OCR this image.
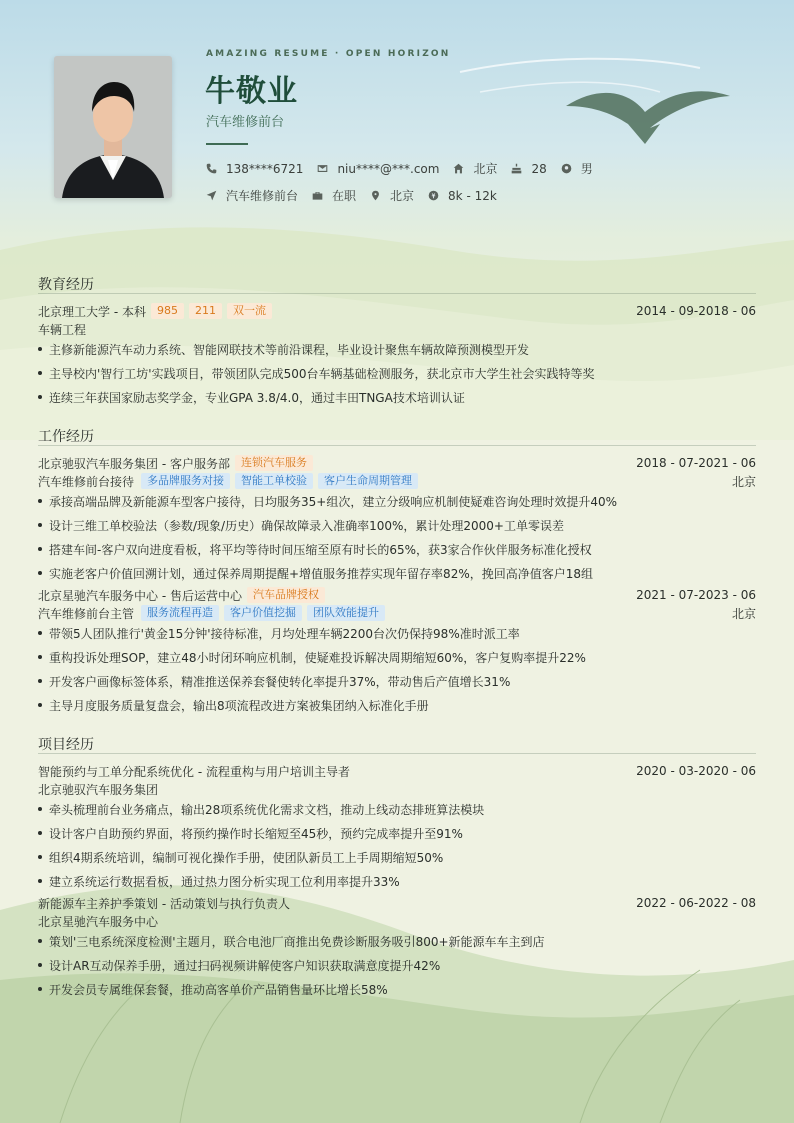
AMAZING RESUME · OPEN HORIZON
牛敬业
汽车维修前台
138****6721	niu****@***.com	北京	28	男
汽车维修前台	在职	北京	8k - 12k
教育经历
北京理工大学 - 本科	985	211	双一流	2014 - 09-2018 - 06
车辆工程
主修新能源汽车动力系统、智能网联技术等前沿课程，毕业设计聚焦车辆故障预测模型开发
主导校内'智行工坊'实践项目，带领团队完成500台车辆基础检测服务，获北京市大学生社会实践特等奖
连续三年获国家励志奖学金，专业GPA 3.8/4.0，通过丰田TNGA技术培训认证
工作经历
北京驰驭汽车服务集团 - 客户服务部	连锁汽车服务	2018 - 07-2021 - 06
汽车维修前台接待	多品牌服务对接	智能工单校验	客户生命周期管理	北京
承接高端品牌及新能源车型客户接待，日均服务35+组次，建立分级响应机制使疑难咨询处理时效提升40%
设计三维工单校验法（参数/现象/历史）确保故障录入准确率100%，累计处理2000+工单零误差
搭建车间-客户双向进度看板，将平均等待时间压缩至原有时长的65%，获3家合作伙伴服务标准化授权
实施老客户价值回溯计划，通过保养周期提醒+增值服务推荐实现年留存率82%，挽回高净值客户18组
北京星驰汽车服务中心 - 售后运营中心	汽车品牌授权	2021 - 07-2023 - 06
汽车维修前台主管	服务流程再造	客户价值挖掘	团队效能提升	北京
带领5人团队推行'黄金15分钟'接待标准，月均处理车辆2200台次仍保持98%准时派工率
重构投诉处理SOP，建立48小时闭环响应机制，使疑难投诉解决周期缩短60%，客户复购率提升22%
开发客户画像标签体系，精准推送保养套餐使转化率提升37%，带动售后产值增长31%
主导月度服务质量复盘会，输出8项流程改进方案被集团纳入标准化手册
项目经历
智能预约与工单分配系统优化 - 流程重构与用户培训主导者	2020 - 03-2020 - 06
北京驰驭汽车服务集团
牵头梳理前台业务痛点，输出28项系统优化需求文档，推动上线动态排班算法模块
设计客户自助预约界面，将预约操作时长缩短至45秒，预约完成率提升至91%
组织4期系统培训，编制可视化操作手册，使团队新员工上手周期缩短50%
建立系统运行数据看板，通过热力图分析实现工位利用率提升33%
新能源车主养护季策划 - 活动策划与执行负责人	2022 - 06-2022 - 08
北京星驰汽车服务中心
策划'三电系统深度检测'主题月，联合电池厂商推出免费诊断服务吸引800+新能源车车主到店
设计AR互动保养手册，通过扫码视频讲解使客户知识获取满意度提升42%
开发会员专属维保套餐，推动高客单价产品销售量环比增长58%
